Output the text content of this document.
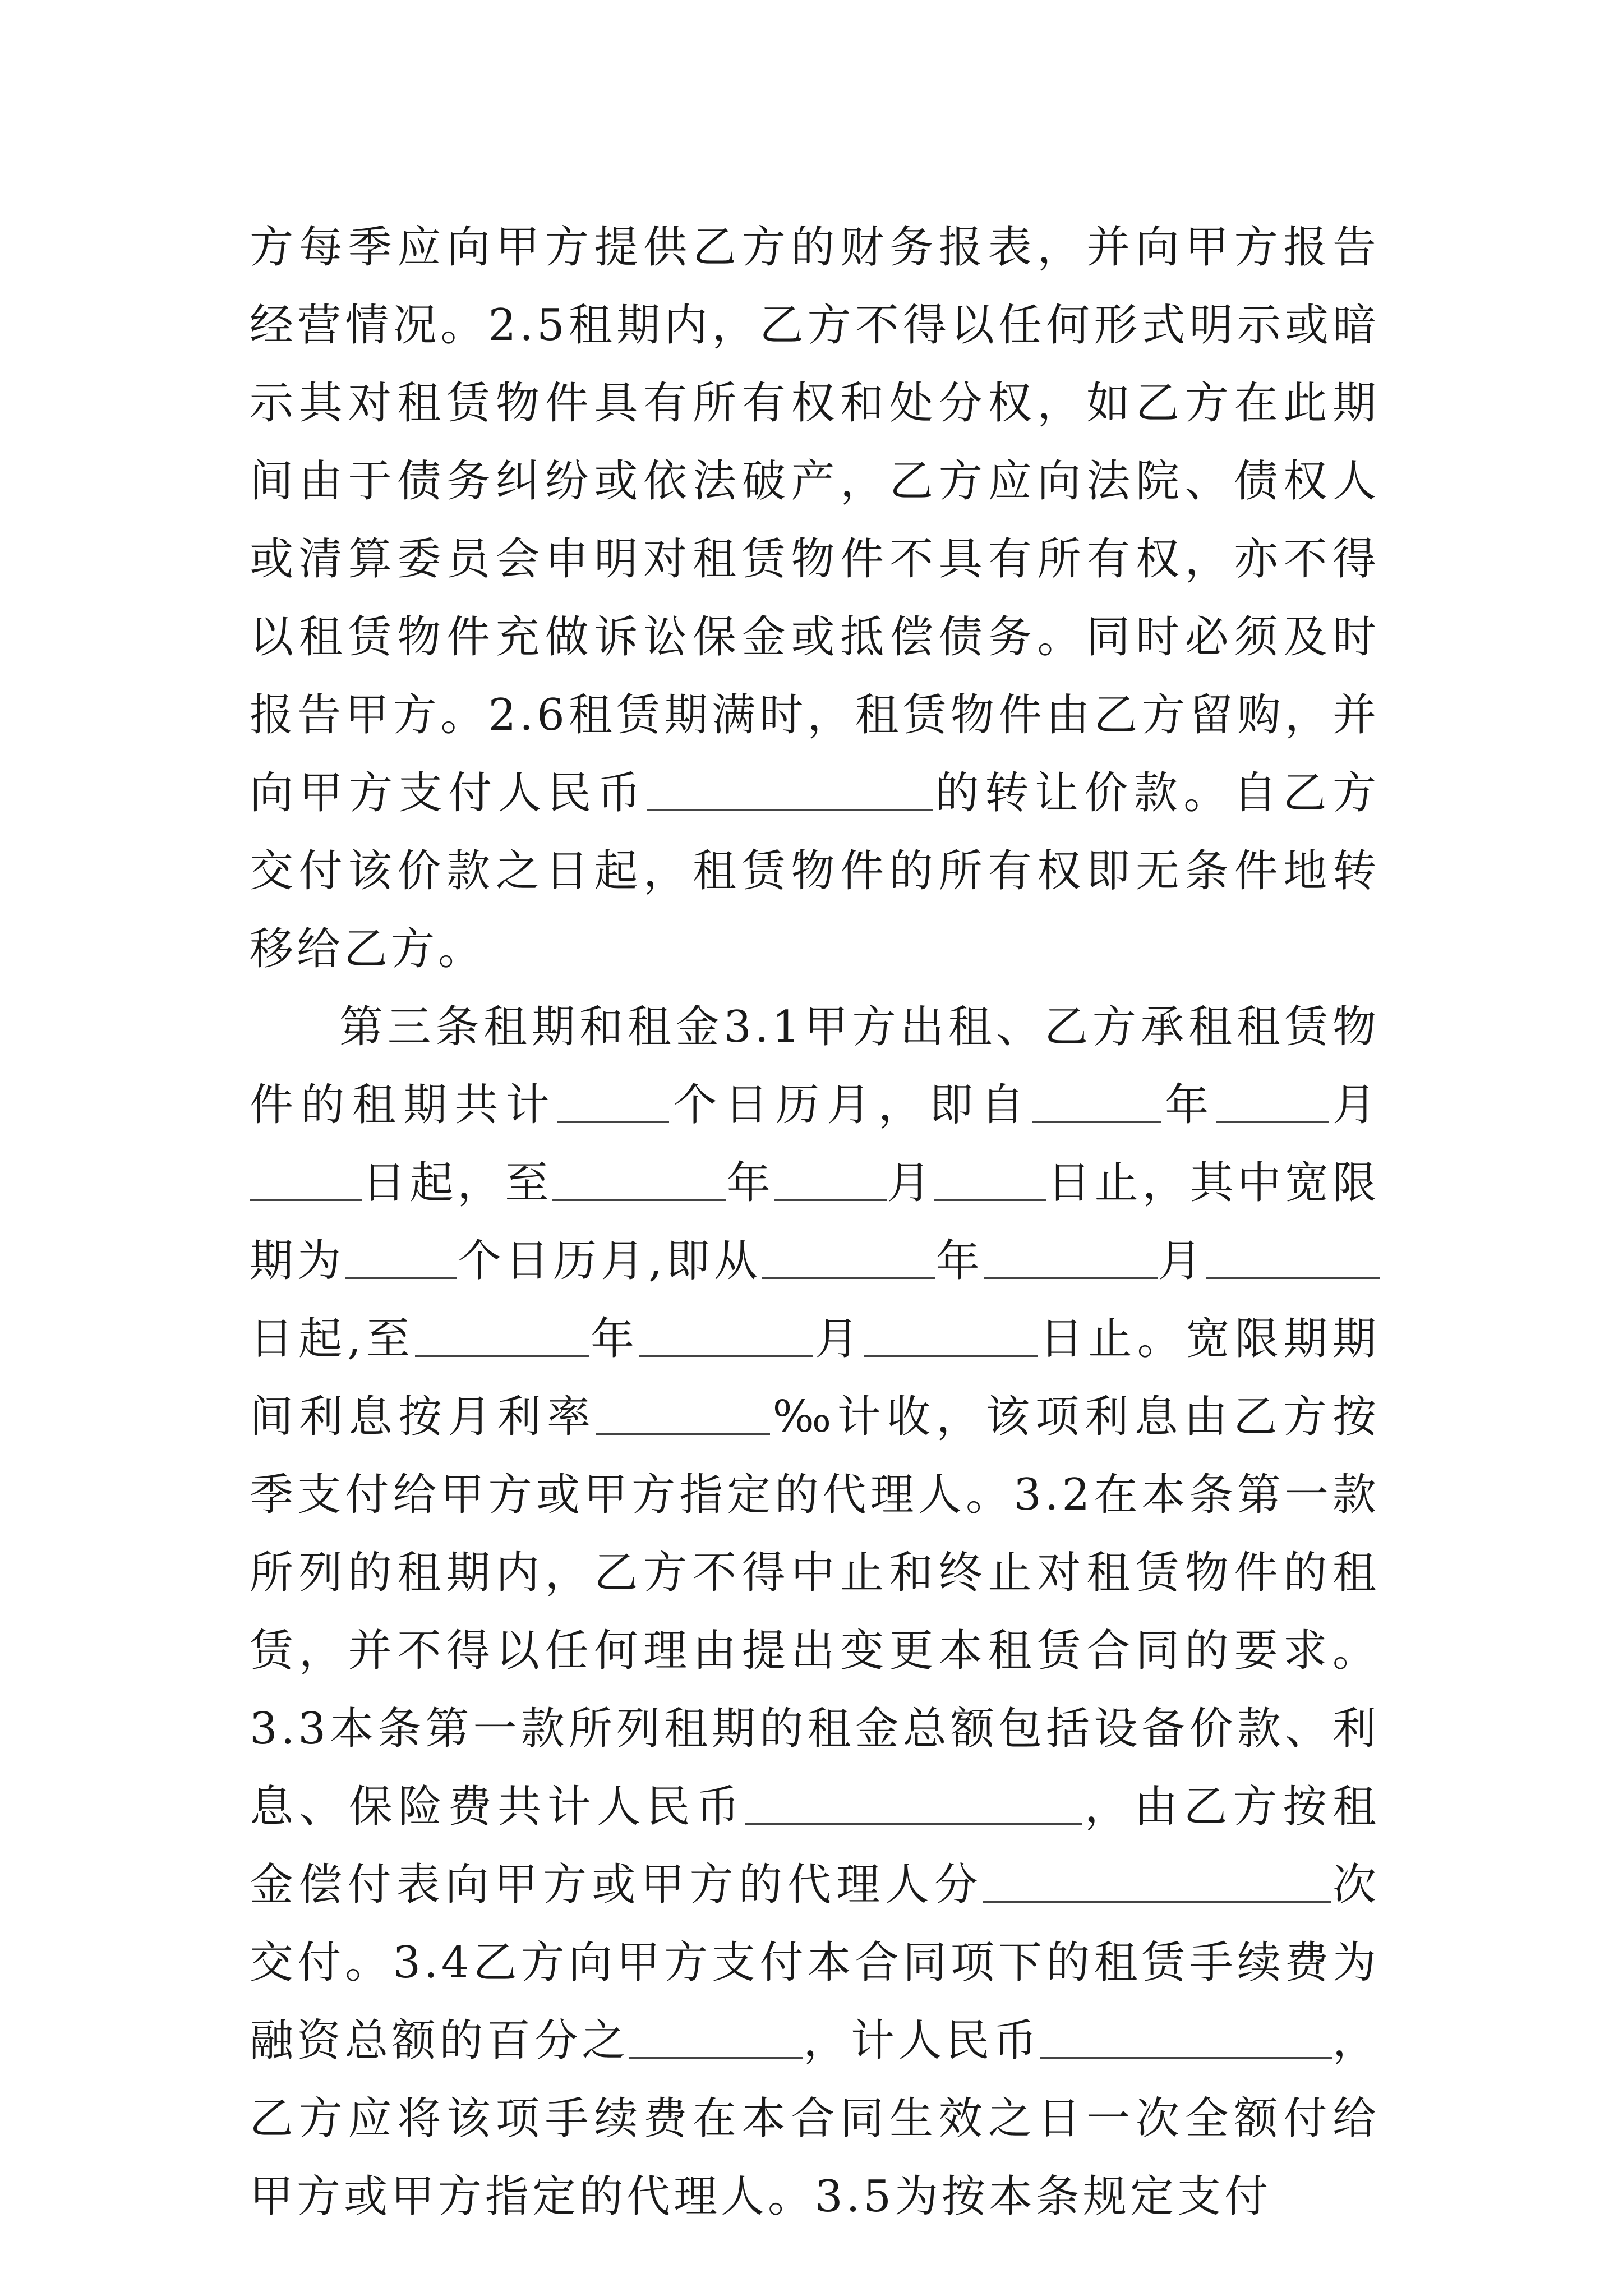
方每季应向甲方提供乙方的财务报表，并向甲方报告经营情况。2.5租期内，乙方不得以任何形式明示或暗示其对租赁物件具有所有权和处分权，如乙方在此期间由于债务纠纷或依法破产，乙方应向法院、债权人或清算委员会申明对租赁物件不具有所有权，亦不得以租赁物件充做诉讼保金或抵偿债务。同时必须及时报告甲方。2.6租赁期满时，租赁物件由乙方留购，并向甲方支付人民币	的转让价款。自乙方交付该价款之日起，租赁物件的所有权即无条件地转移给乙方。

第三条租期和租金3.1甲方出租、乙方承租租赁物件的租期共计	个日历月，即自	年	月日起，至	年	月	日止，其中宽限期为	个日历月,即从	年	月日起,至	年	月	日止。宽限期期间利息按月利率	‰计收，该项利息由乙方按季支付给甲方或甲方指定的代理人。3.2在本条第一款所列的租期内，乙方不得中止和终止对租赁物件的租赁，并不得以任何理由提出变更本租赁合同的要求。3.3本条第一款所列租期的租金总额包括设备价款、利息、保险费共计人民币	，由乙方按租金偿付表向甲方或甲方的代理人分	次交付。3.4乙方向甲方支付本合同项下的租赁手续费为融资总额的百分之	，计人民币	，乙方应将该项手续费在本合同生效之日一次全额付给甲方或甲方指定的代理人。3.5为按本条规定支付
